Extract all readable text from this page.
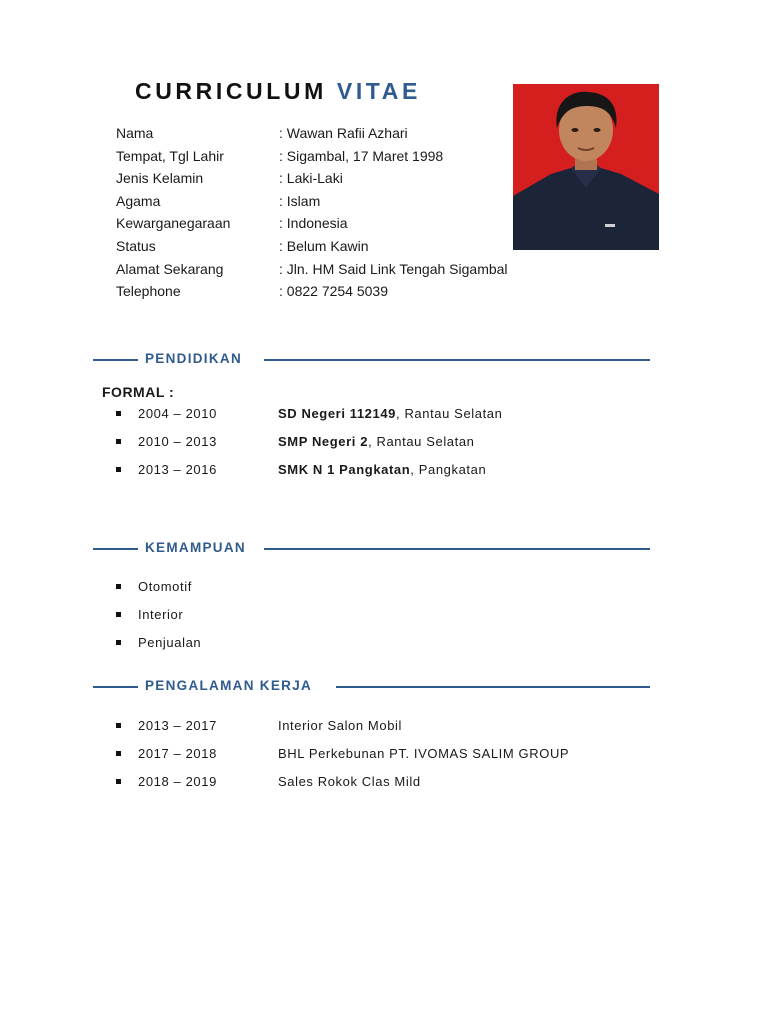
CURRICULUM VITAE
Nama	: Wawan Rafii Azhari
Tempat, Tgl Lahir	: Sigambal, 17 Maret 1998
Jenis Kelamin	: Laki-Laki
Agama	: Islam
Kewarganegaraan	: Indonesia
Status	: Belum Kawin
Alamat Sekarang	: Jln. HM Said Link Tengah Sigambal
Telephone	: 0822 7254 5039
PENDIDIKAN
FORMAL :
2004 – 2010	SD Negeri 112149, Rantau Selatan
2010 – 2013	SMP Negeri 2, Rantau Selatan
2013 – 2016	SMK N 1 Pangkatan, Pangkatan
KEMAMPUAN
Otomotif
Interior
Penjualan
PENGALAMAN KERJA
2013 – 2017	Interior Salon Mobil
2017 – 2018	BHL Perkebunan PT. IVOMAS SALIM GROUP
2018 – 2019	Sales Rokok Clas Mild
